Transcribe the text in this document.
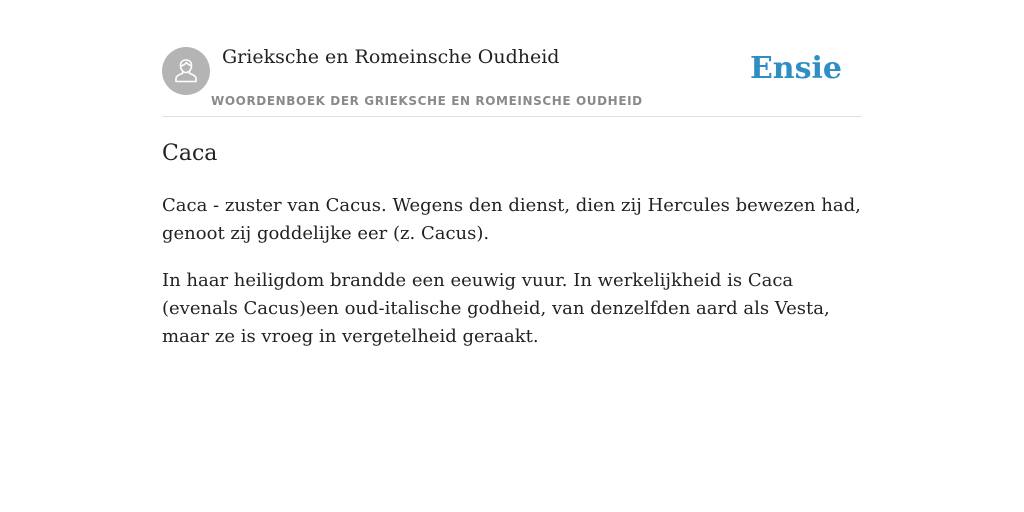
Grieksche en Romeinsche Oudheid
WOORDENBOEK DER GRIEKSCHE EN ROMEINSCHE OUDHEID
Ensie
Caca

Caca - zuster van Cacus. Wegens den dienst, dien zij Hercules bewezen had, genoot zij goddelijke eer (z. Cacus).

In haar heiligdom brandde een eeuwig vuur. In werkelijkheid is Caca (evenals Cacus)een oud-italische godheid, van denzelfden aard als Vesta, maar ze is vroeg in vergetelheid geraakt.
